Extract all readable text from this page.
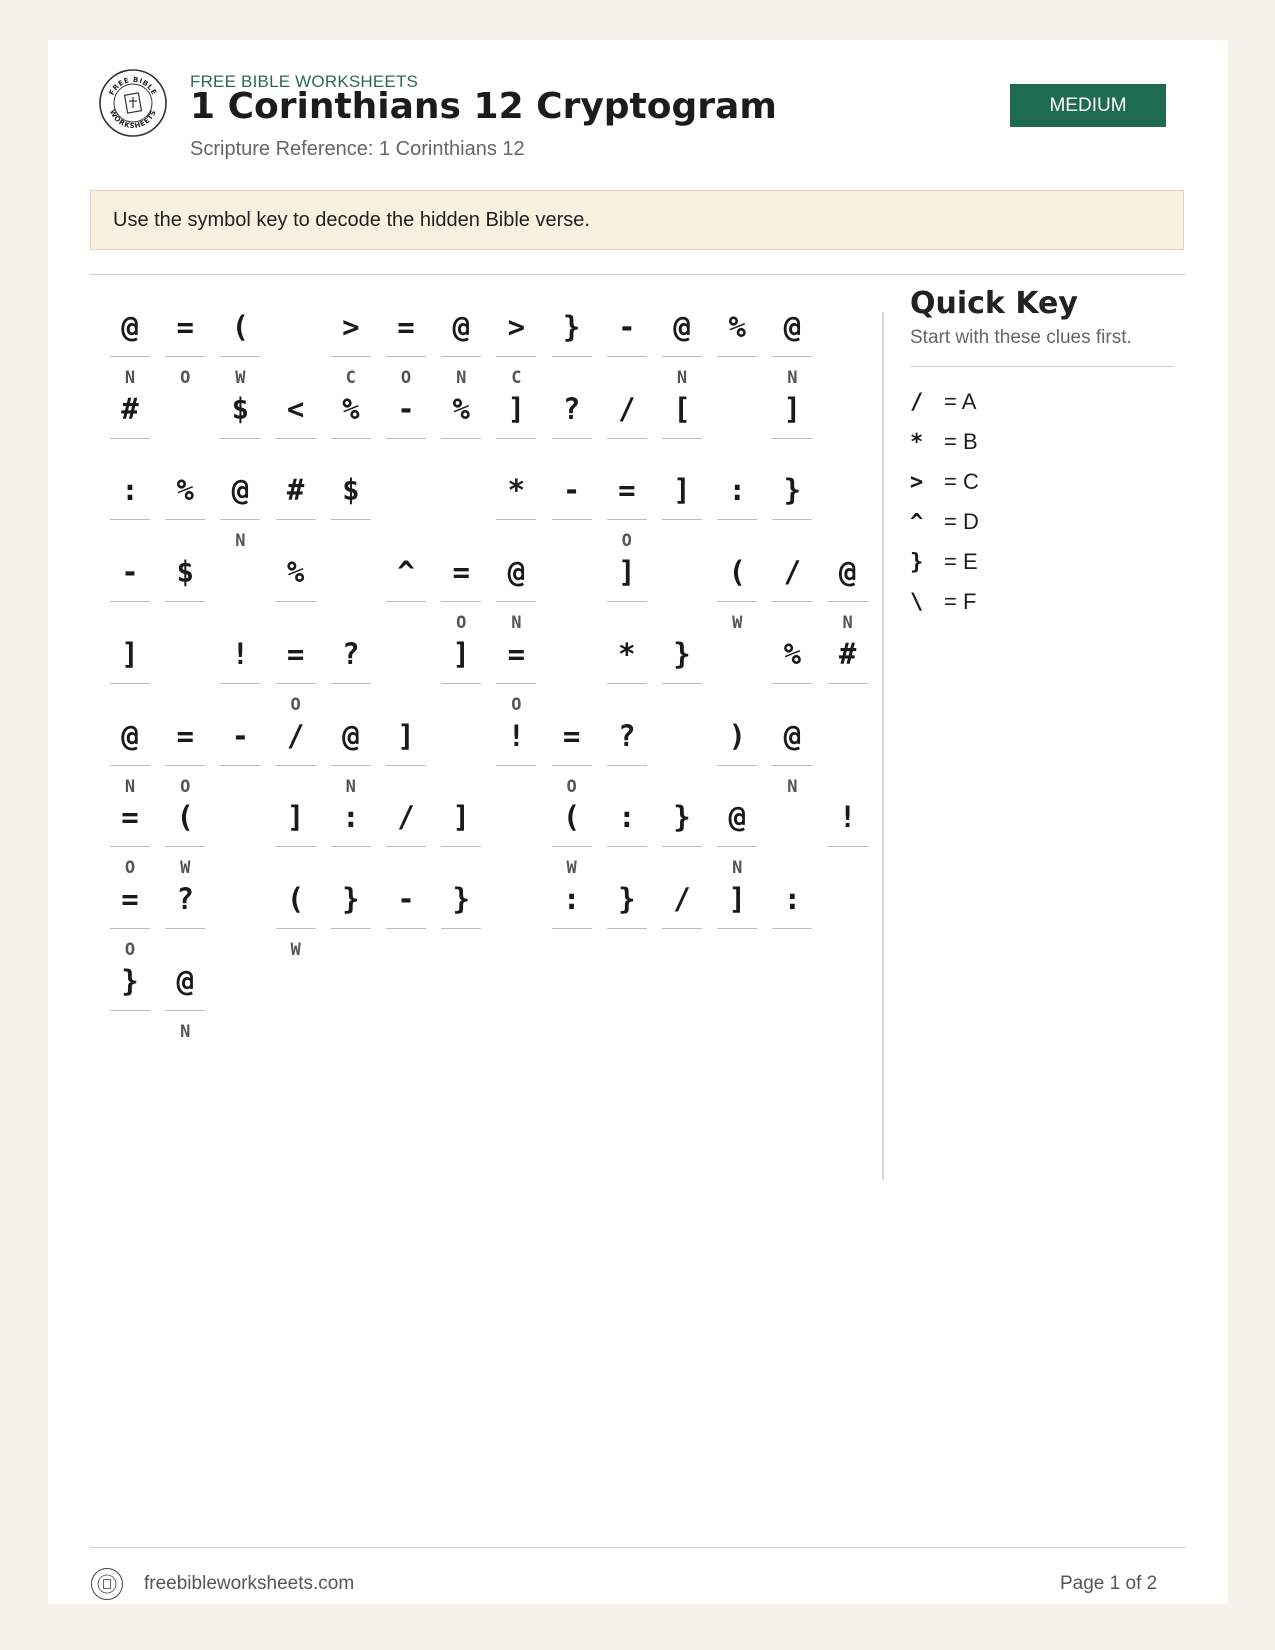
FREE BIBLE
WORKSHEETS
FREE BIBLE WORKSHEETS
1 Corinthians 12 Cryptogram
Scripture Reference: 1 Corinthians 12
MEDIUM
Use the symbol key to decode the hidden Bible verse.
@
N
=
O
(
W
>
C
=
O
@
N
>
C
}	-	@
N
%	@
N
#	$	<	%	-	%	]	?	/	[	]
:	%	@
N
#	$	*	-	=
O
]	:	}
-	$	%	^	=
O
@
N
]	(
W
/	@
N
]	!	=
O
?	]	=
O
*	}	%	#
@
N
=
O
-	/	@
N
]	!	=
O
?	)	@
N
=
O
(
W
]	:	/	]	(
W
:	}	@
N
!
=
O
?	(
W
}	-	}	:	}	/	]	:
}	@
N
Quick Key
Start with these clues first.
/ = A
* = B
> = C
^ = D
} = E
\ = F
freebibleworksheets.com	Page 1 of 2
